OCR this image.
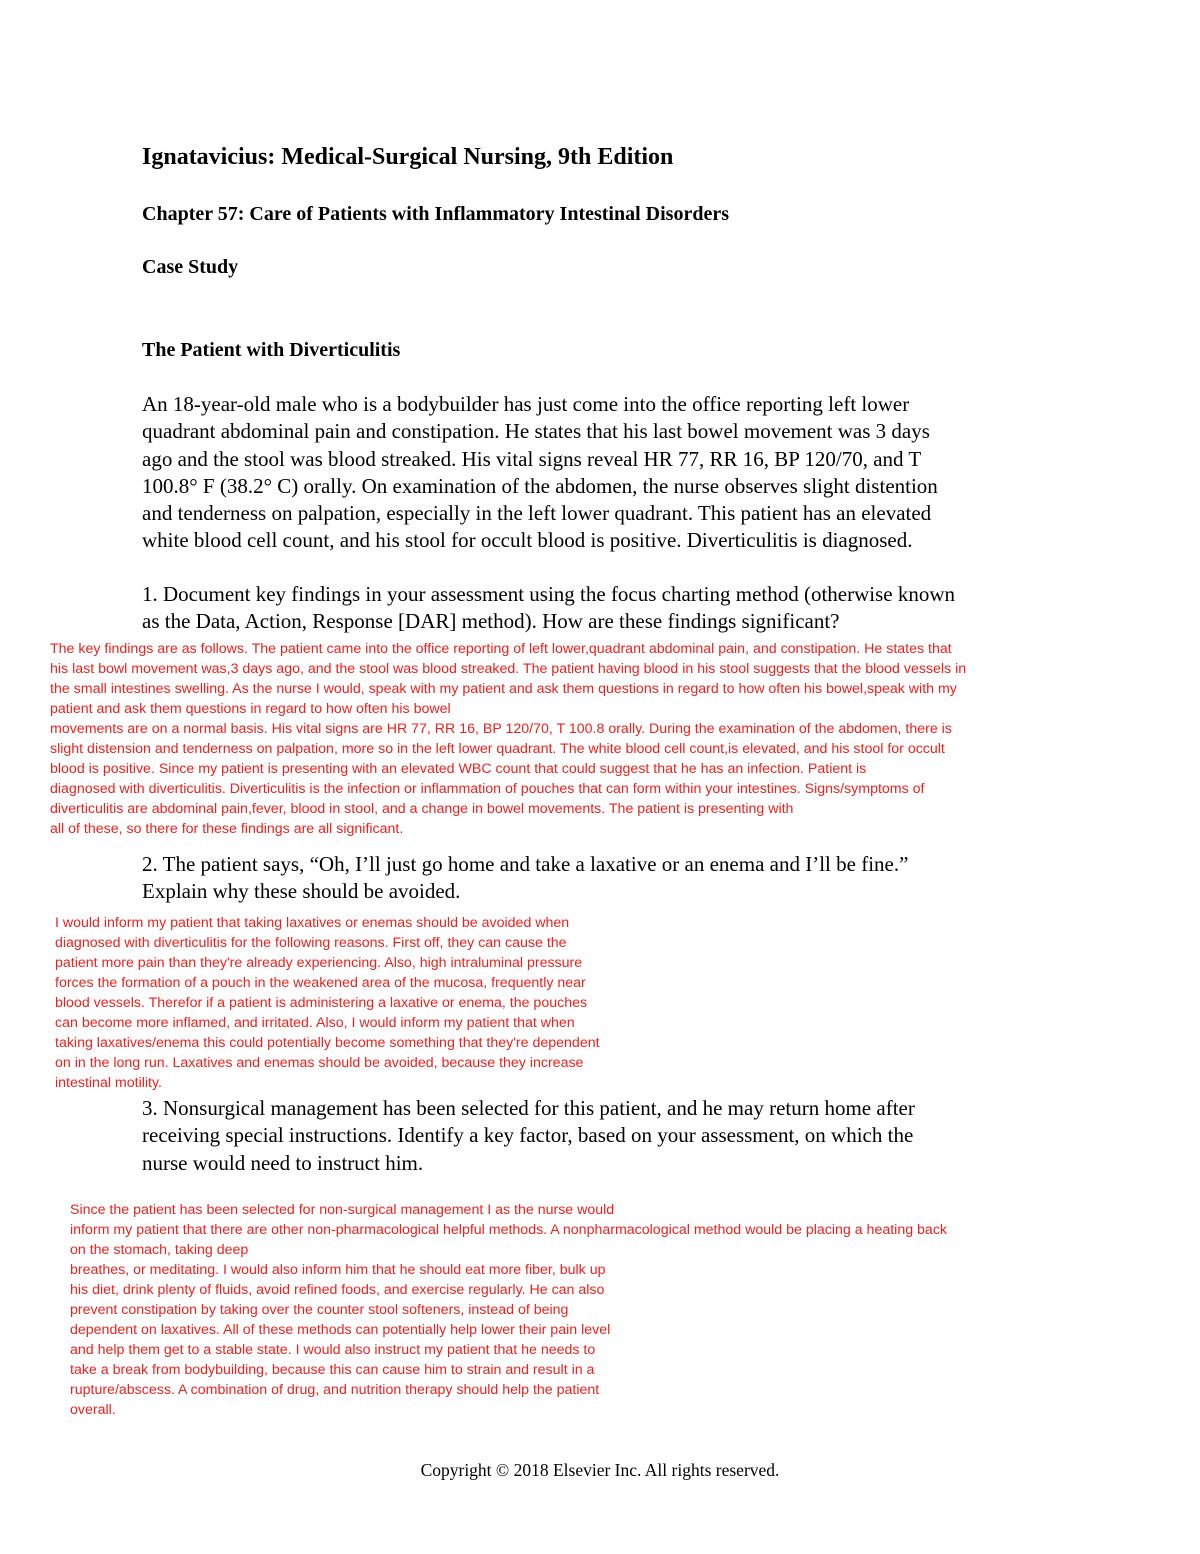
Ignatavicius: Medical-Surgical Nursing, 9th Edition
Chapter 57: Care of Patients with Inflammatory Intestinal Disorders
Case Study
The Patient with Diverticulitis
An 18-year-old male who is a bodybuilder has just come into the office reporting left lower
quadrant abdominal pain and constipation. He states that his last bowel movement was 3 days
ago and the stool was blood streaked. His vital signs reveal HR 77, RR 16, BP 120/70, and T
100.8° F (38.2° C) orally. On examination of the abdomen, the nurse observes slight distention
and tenderness on palpation, especially in the left lower quadrant. This patient has an elevated
white blood cell count, and his stool for occult blood is positive. Diverticulitis is diagnosed.
1. Document key findings in your assessment using the focus charting method (otherwise known
as the Data, Action, Response [DAR] method). How are these findings significant?
The key findings are as follows. The patient came into the office reporting of left lower,quadrant abdominal pain, and constipation. He states that
his last bowl movement was,3 days ago, and the stool was blood streaked. The patient having blood in his stool suggests that the blood vessels in
the small intestines swelling. As the nurse I would, speak with my patient and ask them questions in regard to how often his bowel,speak with my
patient and ask them questions in regard to how often his bowel
movements are on a normal basis. His vital signs are HR 77, RR 16, BP 120/70, T 100.8 orally. During the examination of the abdomen, there is
slight distension and tenderness on palpation, more so in the left lower quadrant. The white blood cell count,is elevated, and his stool for occult
blood is positive. Since my patient is presenting with an elevated WBC count that could suggest that he has an infection. Patient is
diagnosed with diverticulitis. Diverticulitis is the infection or inflammation of pouches that can form within your intestines. Signs/symptoms of
diverticulitis are abdominal pain,fever, blood in stool, and a change in bowel movements. The patient is presenting with
all of these, so there for these findings are all significant.
2. The patient says, “Oh, I’ll just go home and take a laxative or an enema and I’ll be fine.”
Explain why these should be avoided.
I would inform my patient that taking laxatives or enemas should be avoided when
diagnosed with diverticulitis for the following reasons. First off, they can cause the
patient more pain than they're already experiencing. Also, high intraluminal pressure
forces the formation of a pouch in the weakened area of the mucosa, frequently near
blood vessels. Therefor if a patient is administering a laxative or enema, the pouches
can become more inflamed, and irritated. Also, I would inform my patient that when
taking laxatives/enema this could potentially become something that they're dependent
on in the long run. Laxatives and enemas should be avoided, because they increase
intestinal motility.
3. Nonsurgical management has been selected for this patient, and he may return home after
receiving special instructions. Identify a key factor, based on your assessment, on which the
nurse would need to instruct him.
Since the patient has been selected for non-surgical management I as the nurse would
inform my patient that there are other non-pharmacological helpful methods. A nonpharmacological method would be placing a heating back
on the stomach, taking deep
breathes, or meditating. I would also inform him that he should eat more fiber, bulk up
his diet, drink plenty of fluids, avoid refined foods, and exercise regularly. He can also
prevent constipation by taking over the counter stool softeners, instead of being
dependent on laxatives. All of these methods can potentially help lower their pain level
and help them get to a stable state. I would also instruct my patient that he needs to
take a break from bodybuilding, because this can cause him to strain and result in a
rupture/abscess. A combination of drug, and nutrition therapy should help the patient
overall.
Copyright © 2018 Elsevier Inc. All rights reserved.
